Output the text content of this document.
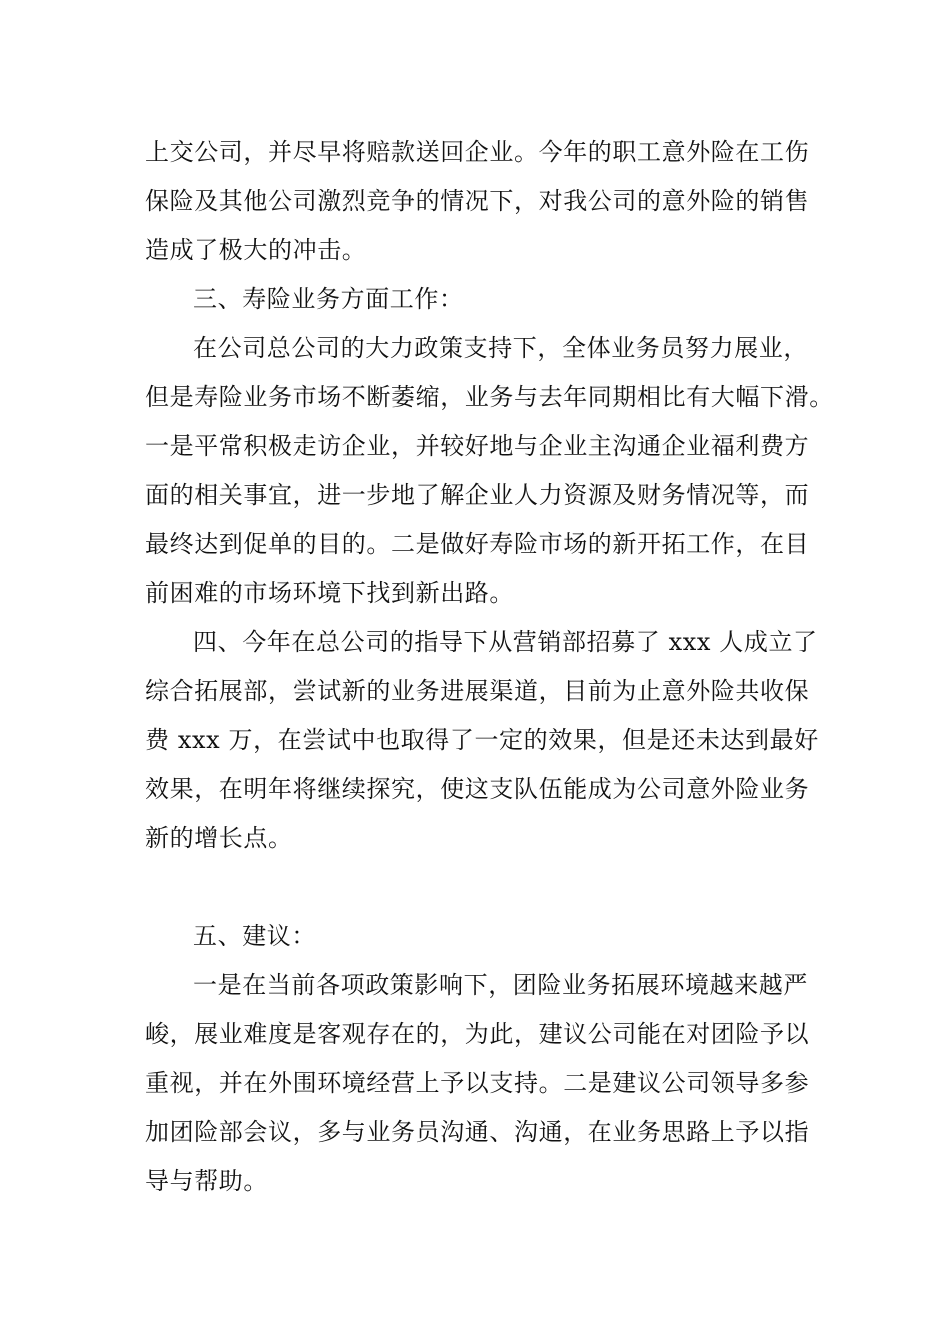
上交公司，并尽早将赔款送回企业。今年的职工意外险在工伤
保险及其他公司激烈竞争的情况下，对我公司的意外险的销售
造成了极大的冲击。
三、寿险业务方面工作：
在公司总公司的大力政策支持下，全体业务员努力展业，
但是寿险业务市场不断萎缩，业务与去年同期相比有大幅下滑。
一是平常积极走访企业，并较好地与企业主沟通企业福利费方
面的相关事宜，进一步地了解企业人力资源及财务情况等，而
最终达到促单的目的。二是做好寿险市场的新开拓工作，在目
前困难的市场环境下找到新出路。
四、今年在总公司的指导下从营销部招募了 xxx 人成立了
综合拓展部，尝试新的业务进展渠道，目前为止意外险共收保
费 xxx 万，在尝试中也取得了一定的效果，但是还未达到最好
效果，在明年将继续探究，使这支队伍能成为公司意外险业务
新的增长点。
五、建议：
一是在当前各项政策影响下，团险业务拓展环境越来越严
峻，展业难度是客观存在的，为此，建议公司能在对团险予以
重视，并在外围环境经营上予以支持。二是建议公司领导多参
加团险部会议，多与业务员沟通、沟通，在业务思路上予以指
导与帮助。
